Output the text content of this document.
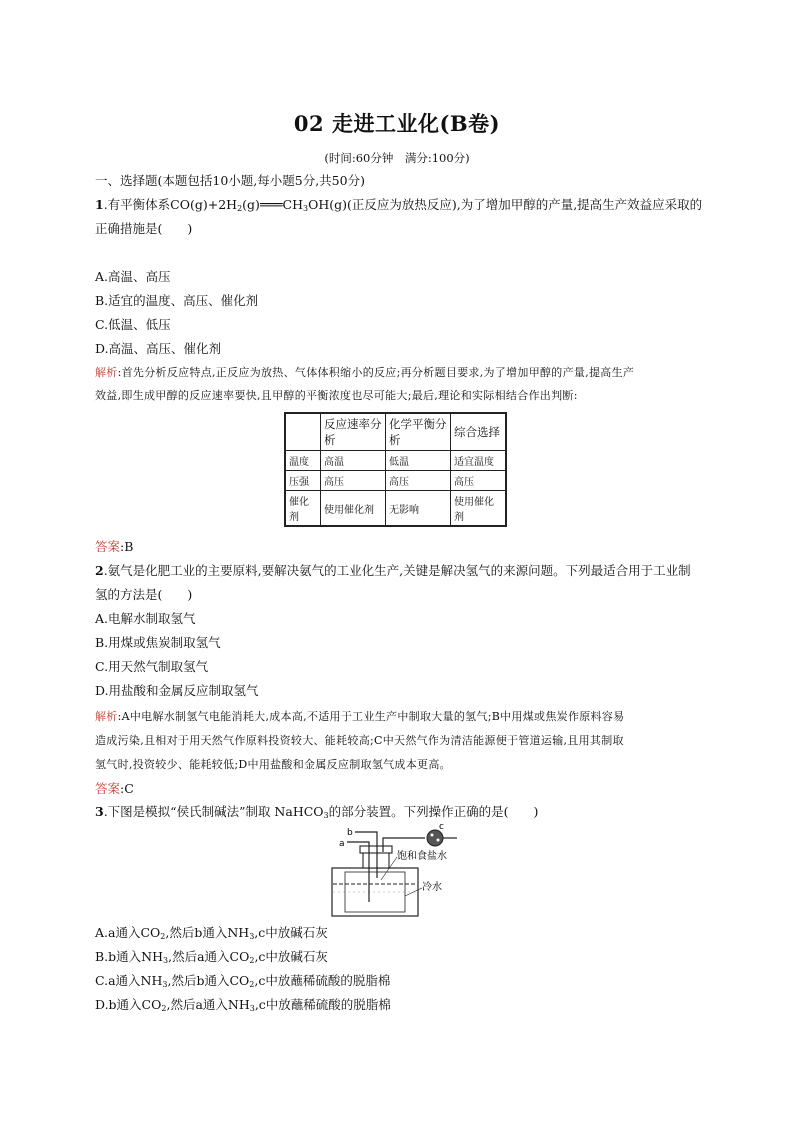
02 走进工业化(B卷)
(时间:60分钟　满分:100分)
一、选择题(本题包括10小题,每小题5分,共50分)
1.有平衡体系$CO(g)+2H_2(g)═══CH_3OH(g)$(正反应为放热反应),为了增加甲醇的产量,提高生产效益应采取的
正确措施是(　　)
A.高温、高压
B.适宜的温度、高压、催化剂
C.低温、低压
D.高温、高压、催化剂
解析:首先分析反应特点,正反应为放热、气体体积缩小的反应;再分析题目要求,为了增加甲醇的产量,提高生产
效益,即生成甲醇的反应速率要快,且甲醇的平衡浓度也尽可能大;最后,理论和实际相结合作出判断:
	反应速率分析	化学平衡分析	综合选择
温度	高温	低温	适宜温度
压强	高压	高压	高压
催化剂	使用催化剂	无影响	使用催化剂
答案:B
2.氨气是化肥工业的主要原料,要解决氨气的工业化生产,关键是解决氢气的来源问题。下列最适合用于工业制
氢的方法是(　　)
A.电解水制取氢气
B.用煤或焦炭制取氢气
C.用天然气制取氢气
D.用盐酸和金属反应制取氢气
解析:A中电解水制氢气电能消耗大,成本高,不适用于工业生产中制取大量的氢气;B中用煤或焦炭作原料容易
造成污染,且相对于用天然气作原料投资较大、能耗较高;C中天然气作为清洁能源便于管道运输,且用其制取
氢气时,投资较少、能耗较低;D中用盐酸和金属反应制取氢气成本更高。
答案:C
3.下图是模拟“侯氏制碱法”制取 NaHCO$_3$的部分装置。下列操作正确的是(　　)
a
b
c
饱和食盐水
冷水
A.a通入$CO_2$,然后b通入$NH_3,c$中放碱石灰
B.b通入$NH_3$,然后a通入$CO_2,c$中放碱石灰
C.a通入$NH_3$,然后b通入$CO_2,c$中放蘸稀硫酸的脱脂棉
D.b通入$CO_2$,然后a通入$NH_3,c$中放蘸稀硫酸的脱脂棉
